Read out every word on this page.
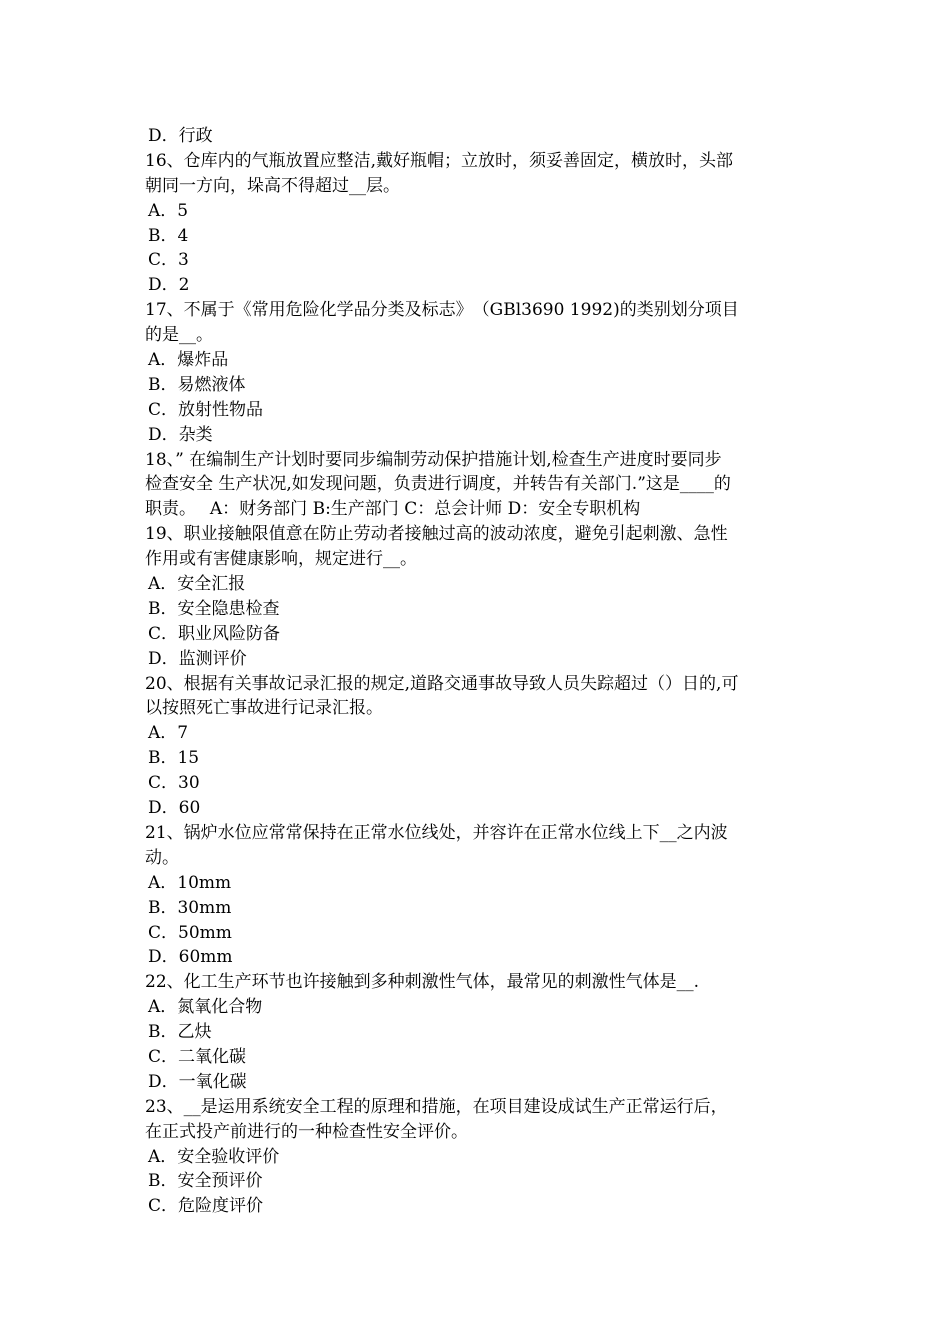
D．行政
16、仓库内的气瓶放置应整洁,戴好瓶帽；立放时，须妥善固定，横放时，头部
朝同一方向，垛高不得超过__层。
A．5
B．4
C．3
D．2
17、不属于《常用危险化学品分类及标志》　（GBl3690 1992)的类别划分项目
的是__。
A．爆炸品
B．易燃液体
C．放射性物品
D．杂类
18、” 在编制生产计划时要同步编制劳动保护措施计划,检查生产进度时要同步
检查安全 生产状况,如发现问题，负责进行调度，并转告有关部门.”这是____的
职责。　 A：财务部门 B:生产部门 C：总会计师 D：安全专职机构
19、职业接触限值意在防止劳动者接触过高的波动浓度，避免引起刺激、急性
作用或有害健康影响，规定进行__。
A．安全汇报
B．安全隐患检查
C．职业风险防备
D．监测评价
20、根据有关事故记录汇报的规定,道路交通事故导致人员失踪超过（）日的,可
以按照死亡事故进行记录汇报。
A．7
B．15
C．30
D．60
21、锅炉水位应常常保持在正常水位线处，并容许在正常水位线上下__之内波
动。
A．10mm
B．30mm
C．50mm
D．60mm
22、化工生产环节也许接触到多种刺激性气体，最常见的刺激性气体是__.
A．氮氧化合物
B．乙炔
C．二氧化碳
D．一氧化碳
23、__是运用系统安全工程的原理和措施，在项目建设成试生产正常运行后，
在正式投产前进行的一种检查性安全评价。
A．安全验收评价
B．安全预评价
C．危险度评价
